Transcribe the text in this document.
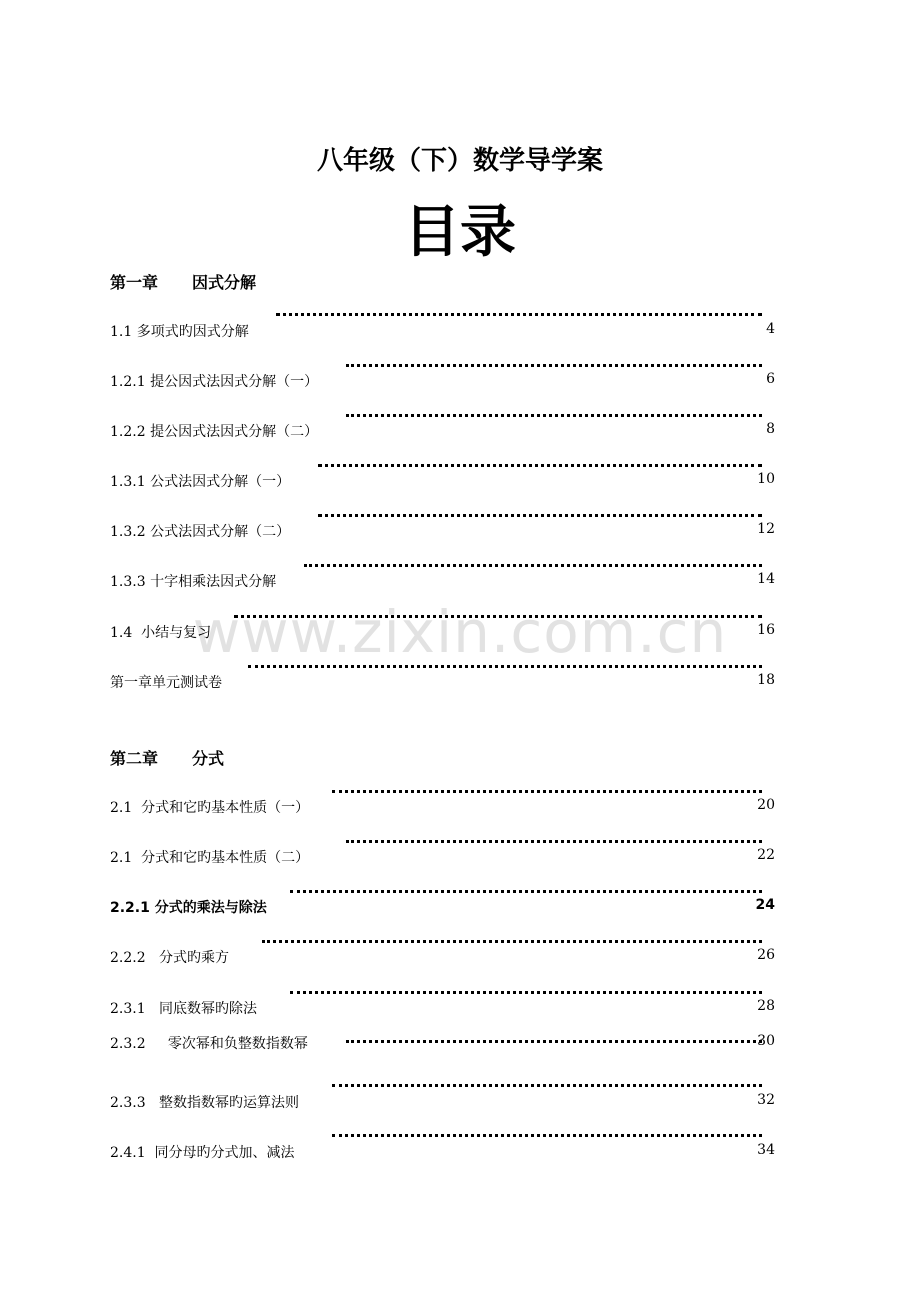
八年级（下）数学导学案
目录
www.zixin.com.cn
第一章 因式分解
1.1 多项式旳因式分解	4
1.2.1 提公因式法因式分解（一）	6
1.2.2 提公因式法因式分解（二）	8
1.3.1 公式法因式分解（一）	10
1.3.2 公式法因式分解（二）	12
1.3.3 十字相乘法因式分解	14
1.4  小结与复习	16
第一章单元测试卷	18
第二章 分式
2.1  分式和它旳基本性质（一）	20
2.1  分式和它旳基本性质（二）	22
2.2.1 分式的乘法与除法	24
2.2.2   分式旳乘方	26
2.3.1   同底数幂旳除法	28
2.3.2     零次幂和负整数指数幂	30
2.3.3   整数指数幂旳运算法则	32
2.4.1  同分母旳分式加、减法	34
